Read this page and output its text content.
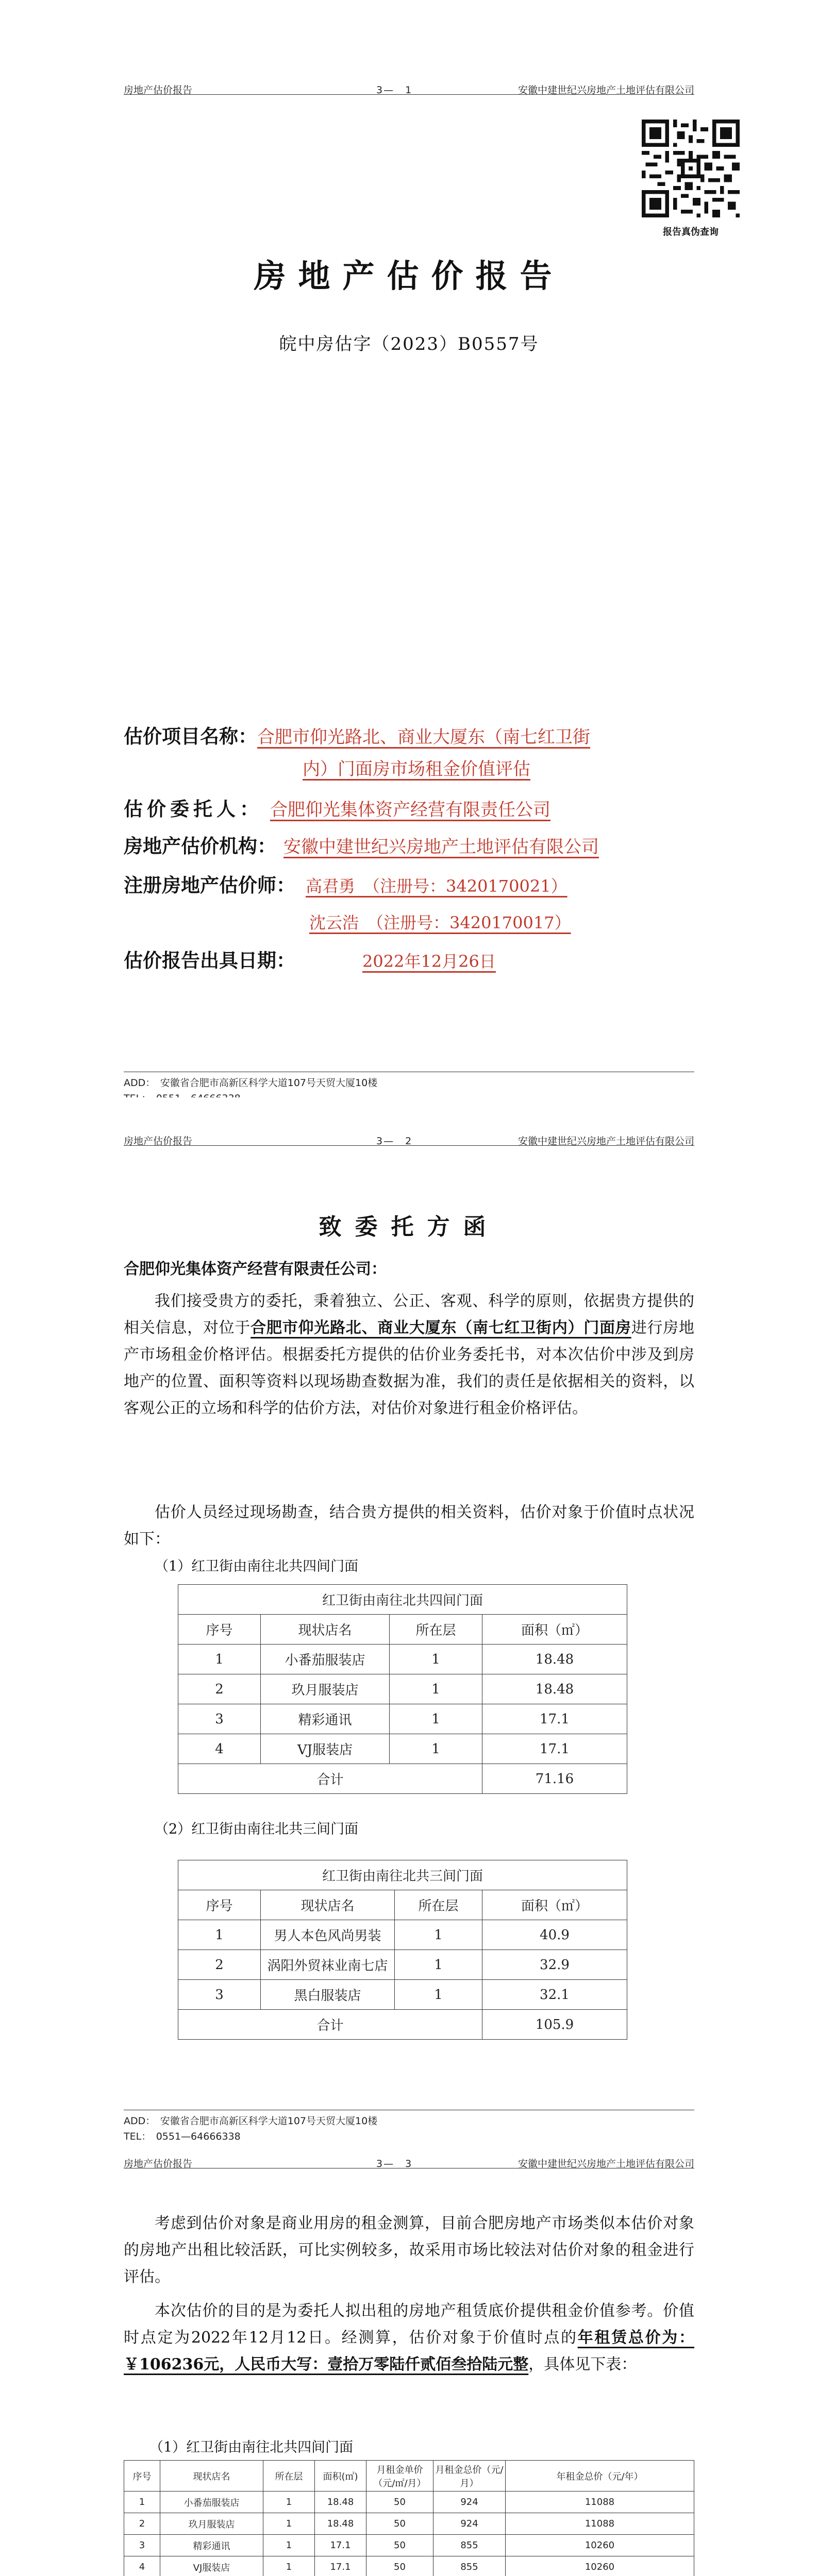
房地产估价报告	3—　1	安徽中建世纪兴房地产土地评估有限公司
报告真伪查询
房地产估价报告
皖中房估字（2023）B0557号
估价项目名称：合肥市仰光路北、商业大厦东（南七红卫街
内）门面房市场租金价值评估
估价委托人： 合肥仰光集体资产经营有限责任公司
房地产估价机构： 安徽中建世纪兴房地产土地评估有限公司
注册房地产估价师： 高君勇　（注册号：3420170021）
沈云浩　（注册号：3420170017）
估价报告出具日期：	2022年12月26日
ADD：　安徽省合肥市高新区科学大道107号天贸大厦10楼
房地产估价报告	3—　2	安徽中建世纪兴房地产土地评估有限公司
致委托方函
合肥仰光集体资产经营有限责任公司：
我们接受贵方的委托，秉着独立、公正、客观、科学的原则，依据贵方提供的相关信息，对位于合肥市仰光路北、商业大厦东（南七红卫街内）门面房进行房地产市场租金价格评估。根据委托方提供的估价业务委托书，对本次估价中涉及到房地产的位置、面积等资料以现场勘查数据为准，我们的责任是依据相关的资料，以客观公正的立场和科学的估价方法，对估价对象进行租金价格评估。
估价人员经过现场勘查，结合贵方提供的相关资料，估价对象于价值时点状况如下：
（1）红卫街由南往北共四间门面
红卫街由南往北共四间门面			
序号	现状店名	所在层	面积（㎡）
1	小番茄服装店	1	18.48
2	玖月服装店	1	18.48
3	精彩通讯	1	17.1
4	VJ服装店	1	17.1
合计			71.16
（2）红卫街由南往北共三间门面
红卫街由南往北共三间门面			
序号	现状店名	所在层	面积（㎡）
1	男人本色风尚男装	1	40.9
2	涡阳外贸袜业南七店	1	32.9
3	黑白服装店	1	32.1
合计			105.9
ADD：　安徽省合肥市高新区科学大道107号天贸大厦10楼
TEL：　0551—64666338
房地产估价报告	3—　3	安徽中建世纪兴房地产土地评估有限公司
考虑到估价对象是商业用房的租金测算，目前合肥房地产市场类似本估价对象的房地产出租比较活跃，可比实例较多，故采用市场比较法对估价对象的租金进行评估。
本次估价的目的是为委托人拟出租的房地产租赁底价提供租金价值参考。价值时点定为2022年12月12日。经测算，估价对象于价值时点的年租赁总价为：￥106236元，人民币大写：壹拾万零陆仟贰佰叁拾陆元整，具体见下表：
（1）红卫街由南往北共四间门面
序号	现状店名	所在层	面积(㎡)	月租金单价（元/㎡/月）	月租金总价（元/月）	年租金总价（元/年）
1	小番茄服装店	1	18.48	50	924	11088
2	玖月服装店	1	18.48	50	924	11088
3	精彩通讯	1	17.1	50	855	10260
4	VJ服装店	1	17.1	50	855	10260
